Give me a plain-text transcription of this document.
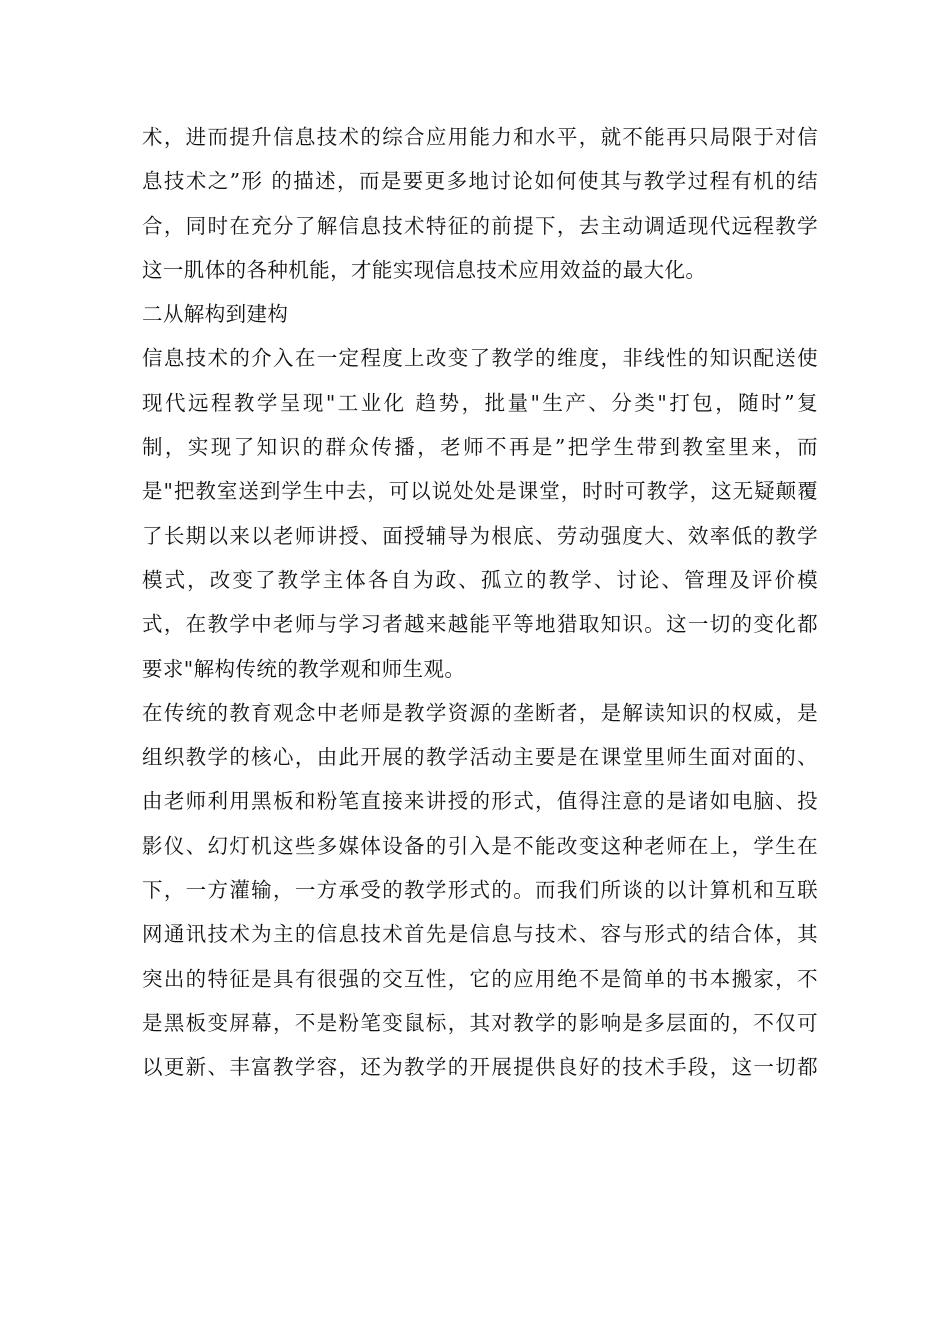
术，进而提升信息技术的综合应用能力和水平，就不能再只局限于对信
息技术之”形 的描述，而是要更多地讨论如何使其与教学过程有机的结
合，同时在充分了解信息技术特征的前提下，去主动调适现代远程教学
这一肌体的各种机能，才能实现信息技术应用效益的最大化。
二从解构到建构
信息技术的介入在一定程度上改变了教学的维度，非线性的知识配送使
现代远程教学呈现"工业化 趋势，批量"生产、分类"打包，随时”复
制，实现了知识的群众传播，老师不再是”把学生带到教室里来，而
是"把教室送到学生中去，可以说处处是课堂，时时可教学，这无疑颠覆
了长期以来以老师讲授、面授辅导为根底、劳动强度大、效率低的教学
模式，改变了教学主体各自为政、孤立的教学、讨论、管理及评价模
式，在教学中老师与学习者越来越能平等地猎取知识。这一切的变化都
要求"解构传统的教学观和师生观。
在传统的教育观念中老师是教学资源的垄断者，是解读知识的权威，是
组织教学的核心，由此开展的教学活动主要是在课堂里师生面对面的、
由老师利用黑板和粉笔直接来讲授的形式，值得注意的是诸如电脑、投
影仪、幻灯机这些多媒体设备的引入是不能改变这种老师在上，学生在
下，一方灌输，一方承受的教学形式的。而我们所谈的以计算机和互联
网通讯技术为主的信息技术首先是信息与技术、容与形式的结合体，其
突出的特征是具有很强的交互性，它的应用绝不是简单的书本搬家，不
是黑板变屏幕，不是粉笔变鼠标，其对教学的影响是多层面的，不仅可
以更新、丰富教学容，还为教学的开展提供良好的技术手段，这一切都
